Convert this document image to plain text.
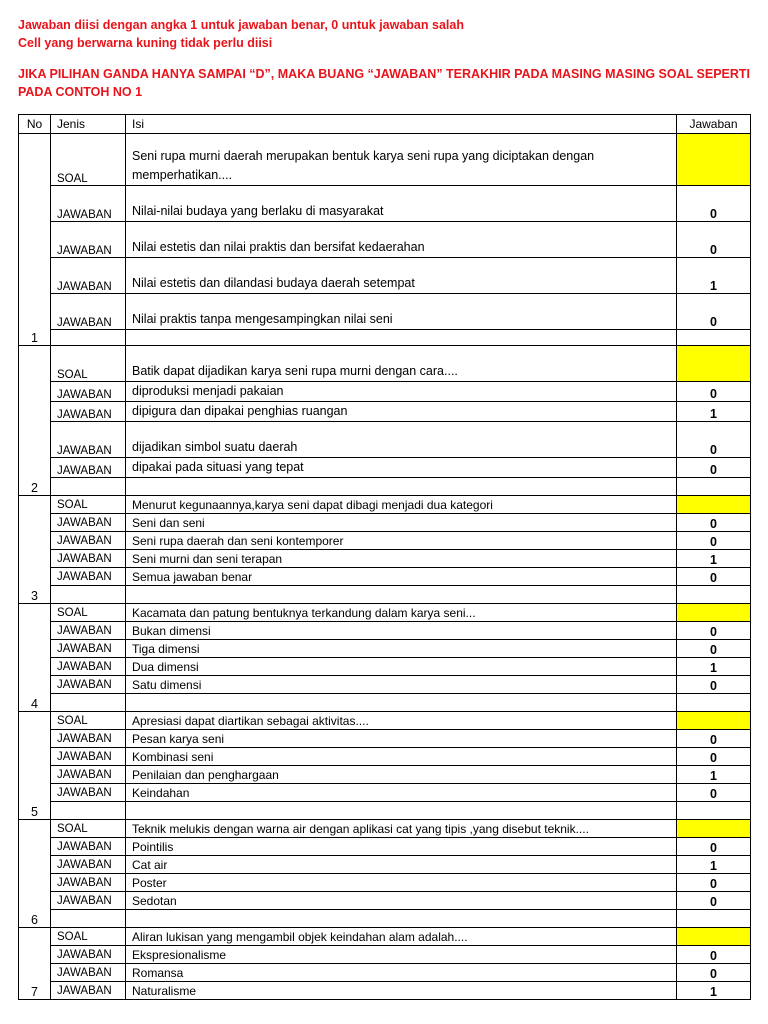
Jawaban diisi dengan angka 1 untuk jawaban benar, 0 untuk jawaban salah
Cell yang berwarna kuning tidak perlu diisi
JIKA PILIHAN GANDA HANYA SAMPAI “D”, MAKA BUANG “JAWABAN” TERAKHIR PADA MASING MASING SOAL SEPERTI PADA CONTOH NO 1
No	Jenis	Isi	Jawaban
1	SOAL	Seni rupa murni daerah merupakan bentuk karya seni rupa yang diciptakan dengan memperhatikan....	
	JAWABAN	Nilai-nilai budaya yang berlaku di masyarakat	0
	JAWABAN	Nilai estetis dan nilai praktis dan bersifat kedaerahan	0
	JAWABAN	Nilai estetis dan dilandasi budaya daerah setempat	1
	JAWABAN	Nilai praktis tanpa mengesampingkan nilai seni	0

2	SOAL	Batik dapat dijadikan karya seni rupa murni dengan cara....	
	JAWABAN	diproduksi menjadi pakaian	0
	JAWABAN	dipigura dan dipakai penghias ruangan	1
	JAWABAN	dijadikan simbol suatu daerah	0
	JAWABAN	dipakai pada situasi yang tepat	0

3	SOAL	Menurut kegunaannya,karya seni dapat dibagi menjadi dua kategori	
	JAWABAN	Seni dan seni	0
	JAWABAN	Seni rupa daerah dan seni kontemporer	0
	JAWABAN	Seni murni dan seni terapan	1
	JAWABAN	Semua jawaban benar	0

4	SOAL	Kacamata dan patung bentuknya terkandung dalam karya seni...	
	JAWABAN	Bukan dimensi	0
	JAWABAN	Tiga dimensi	0
	JAWABAN	Dua dimensi	1
	JAWABAN	Satu dimensi	0

5	SOAL	Apresiasi dapat diartikan sebagai aktivitas....	
	JAWABAN	Pesan karya seni	0
	JAWABAN	Kombinasi seni	0
	JAWABAN	Penilaian dan penghargaan	1
	JAWABAN	Keindahan	0

6	SOAL	Teknik melukis dengan warna air dengan aplikasi cat yang tipis ,yang disebut teknik....	
	JAWABAN	Pointilis	0
	JAWABAN	Cat air	1
	JAWABAN	Poster	0
	JAWABAN	Sedotan	0

7	SOAL	Aliran lukisan yang mengambil objek keindahan alam adalah....	
	JAWABAN	Ekspresionalisme	0
	JAWABAN	Romansa	0
	JAWABAN	Naturalisme	1
